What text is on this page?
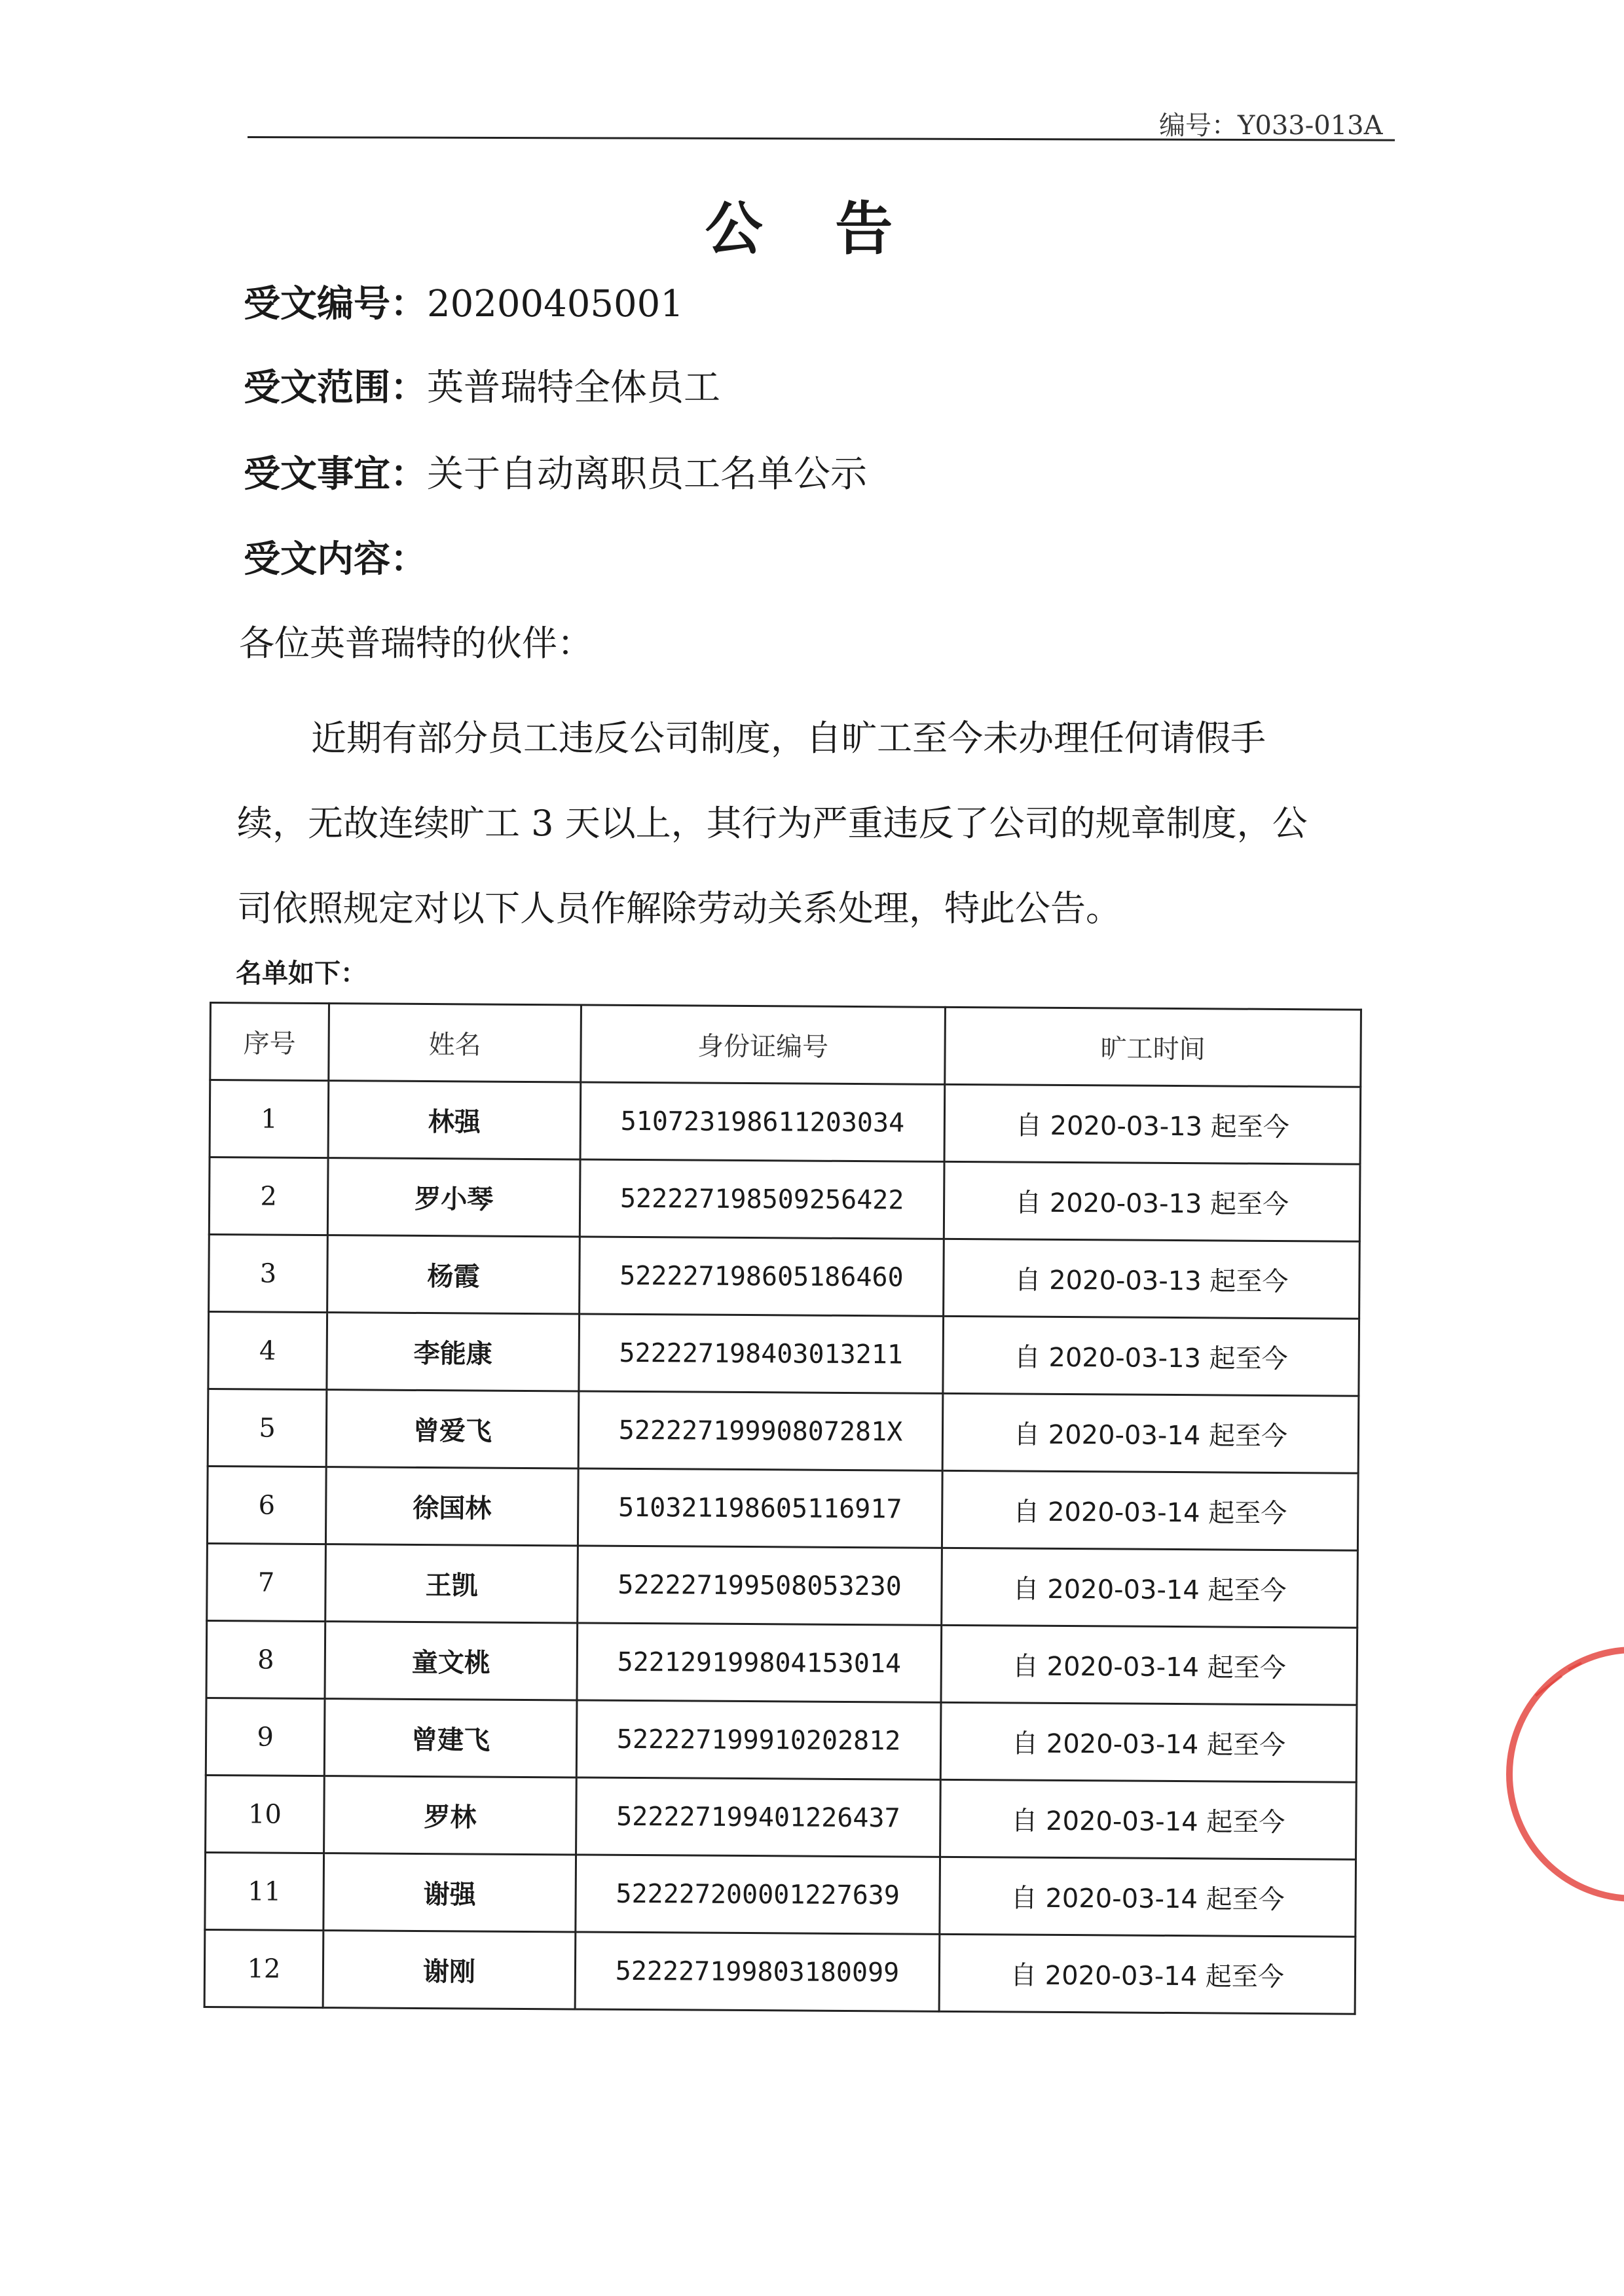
编号：Y033-013A
公 告
受文编号：20200405001
受文范围：英普瑞特全体员工
受文事宜：关于自动离职员工名单公示
受文内容：
各位英普瑞特的伙伴：
近期有部分员工违反公司制度，自旷工至今未办理任何请假手
续，无故连续旷工 3 天以上，其行为严重违反了公司的规章制度，公
司依照规定对以下人员作解除劳动关系处理，特此公告。
名单如下：
序号	姓名	身份证编号	旷工时间
1	林强	510723198611203034	自 2020-03-13 起至今
2	罗小琴	522227198509256422	自 2020-03-13 起至今
3	杨霞	522227198605186460	自 2020-03-13 起至今
4	李能康	522227198403013211	自 2020-03-13 起至今
5	曾爱飞	52222719990807281X	自 2020-03-14 起至今
6	徐国林	510321198605116917	自 2020-03-14 起至今
7	王凯	522227199508053230	自 2020-03-14 起至今
8	童文桃	522129199804153014	自 2020-03-14 起至今
9	曾建飞	522227199910202812	自 2020-03-14 起至今
10	罗林	522227199401226437	自 2020-03-14 起至今
11	谢强	522227200001227639	自 2020-03-14 起至今
12	谢刚	522227199803180099	自 2020-03-14 起至今
